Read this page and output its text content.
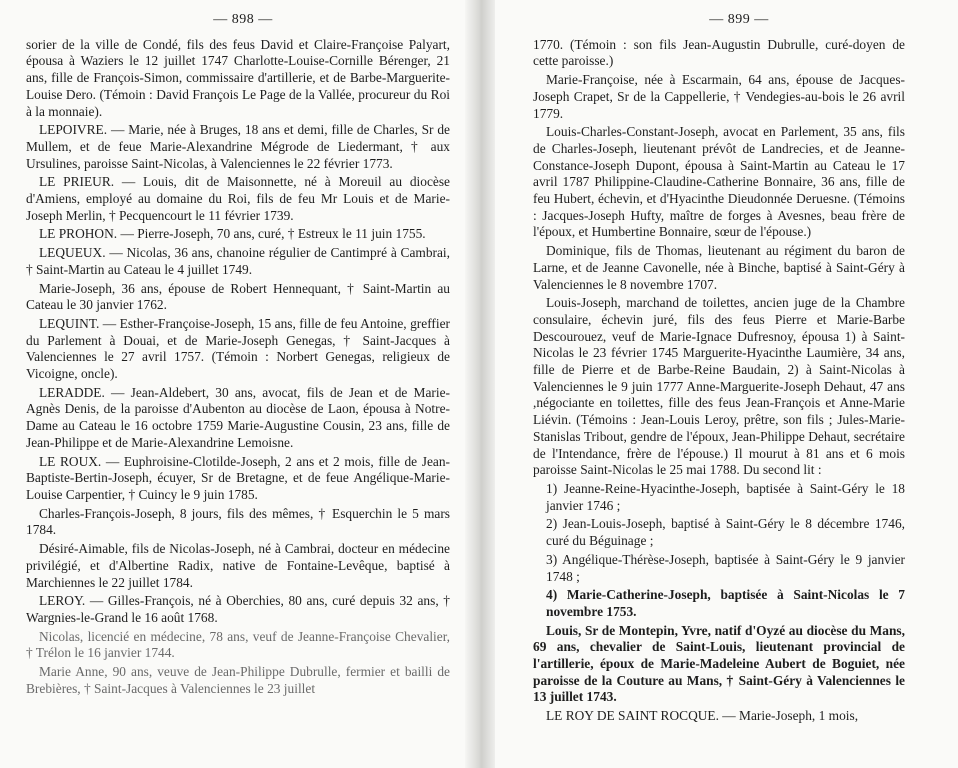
— 898 —

sorier de la ville de Condé, fils des feus David et Claire-Françoise Palyart, épousa à Waziers le 12 juillet 1747 Charlotte-Louise-Cornille Bérenger, 21 ans, fille de François-Simon, commissaire d'artillerie, et de Barbe-Marguerite-Louise Dero. (Témoin : David François Le Page de la Vallée, procureur du Roi à la monnaie).

LEPOIVRE. — Marie, née à Bruges, 18 ans et demi, fille de Charles, Sr de Mullem, et de feue Marie-Alexandrine Mégrode de Liedermant, † aux Ursulines, paroisse Saint-Nicolas, à Valenciennes le 22 février 1773.

LE PRIEUR. — Louis, dit de Maisonnette, né à Moreuil au diocèse d'Amiens, employé au domaine du Roi, fils de feu Mr Louis et de Marie-Joseph Merlin, † Pecquencourt le 11 février 1739.

LE PROHON. — Pierre-Joseph, 70 ans, curé, † Estreux le 11 juin 1755.

LEQUEUX. — Nicolas, 36 ans, chanoine régulier de Cantimpré à Cambrai, † Saint-Martin au Cateau le 4 juillet 1749.

Marie-Joseph, 36 ans, épouse de Robert Hennequant, † Saint-Martin au Cateau le 30 janvier 1762.

LEQUINT. — Esther-Françoise-Joseph, 15 ans, fille de feu Antoine, greffier du Parlement à Douai, et de Marie-Joseph Genegas, † Saint-Jacques à Valenciennes le 27 avril 1757. (Témoin : Norbert Genegas, religieux de Vicoigne, oncle).

LERADDE. — Jean-Aldebert, 30 ans, avocat, fils de Jean et de Marie-Agnès Denis, de la paroisse d'Aubenton au diocèse de Laon, épousa à Notre-Dame au Cateau le 16 octobre 1759 Marie-Augustine Cousin, 23 ans, fille de Jean-Philippe et de Marie-Alexandrine Lemoisne.

LE ROUX. — Euphroisine-Clotilde-Joseph, 2 ans et 2 mois, fille de Jean-Baptiste-Bertin-Joseph, écuyer, Sr de Bretagne, et de feue Angélique-Marie-Louise Carpentier, † Cuincy le 9 juin 1785.

Charles-François-Joseph, 8 jours, fils des mêmes, † Esquerchin le 5 mars 1784.

Désiré-Aimable, fils de Nicolas-Joseph, né à Cambrai, docteur en médecine privilégié, et d'Albertine Radix, native de Fontaine-Levêque, baptisé à Marchiennes le 22 juillet 1784.

LEROY. — Gilles-François, né à Oberchies, 80 ans, curé depuis 32 ans, † Wargnies-le-Grand le 16 août 1768.

Nicolas, licencié en médecine, 78 ans, veuf de Jeanne-Françoise Chevalier, † Trélon le 16 janvier 1744.

Marie Anne, 90 ans, veuve de Jean-Philippe Dubrulle, fermier et bailli de Brebières, † Saint-Jacques à Valenciennes le 23 juillet

— 899 —

1770. (Témoin : son fils Jean-Augustin Dubrulle, curé-doyen de cette paroisse.)

Marie-Françoise, née à Escarmain, 64 ans, épouse de Jacques-Joseph Crapet, Sr de la Cappellerie, † Vendegies-au-bois le 26 avril 1779.

Louis-Charles-Constant-Joseph, avocat en Parlement, 35 ans, fils de Charles-Joseph, lieutenant prévôt de Landrecies, et de Jeanne-Constance-Joseph Dupont, épousa à Saint-Martin au Cateau le 17 avril 1787 Philippine-Claudine-Catherine Bonnaire, 36 ans, fille de feu Hubert, échevin, et d'Hyacinthe Dieudonnée Deruesne. (Témoins : Jacques-Joseph Hufty, maître de forges à Avesnes, beau frère de l'époux, et Humbertine Bonnaire, sœur de l'épouse.)

Dominique, fils de Thomas, lieutenant au régiment du baron de Larne, et de Jeanne Cavonelle, née à Binche, baptisé à Saint-Géry à Valenciennes le 8 novembre 1707.

Louis-Joseph, marchand de toilettes, ancien juge de la Chambre consulaire, échevin juré, fils des feus Pierre et Marie-Barbe Descourouez, veuf de Marie-Ignace Dufresnoy, épousa 1) à Saint-Nicolas le 23 février 1745 Marguerite-Hyacinthe Laumière, 34 ans, fille de Pierre et de Barbe-Reine Baudain, 2) à Saint-Nicolas à Valenciennes le 9 juin 1777 Anne-Marguerite-Joseph Dehaut, 47 ans ,négociante en toilettes, fille des feus Jean-François et Anne-Marie Liévin. (Témoins : Jean-Louis Leroy, prêtre, son fils ; Jules-Marie-Stanislas Tribout, gendre de l'époux, Jean-Philippe Dehaut, secrétaire de l'Intendance, frère de l'épouse.) Il mourut à 81 ans et 6 mois paroisse Saint-Nicolas le 25 mai 1788. Du second lit :

1) Jeanne-Reine-Hyacinthe-Joseph, baptisée à Saint-Géry le 18 janvier 1746 ;

2) Jean-Louis-Joseph, baptisé à Saint-Géry le 8 décembre 1746, curé du Béguinage ;

3) Angélique-Thérèse-Joseph, baptisée à Saint-Géry le 9 janvier 1748 ;

4) Marie-Catherine-Joseph, baptisée à Saint-Nicolas le 7 novembre 1753.

Louis, Sr de Montepin, Yvre, natif d'Oyzé au diocèse du Mans, 69 ans, chevalier de Saint-Louis, lieutenant provincial de l'artillerie, époux de Marie-Madeleine Aubert de Boguiet, née paroisse de la Couture au Mans, † Saint-Géry à Valenciennes le 13 juillet 1743.

LE ROY DE SAINT ROCQUE. — Marie-Joseph, 1 mois,
